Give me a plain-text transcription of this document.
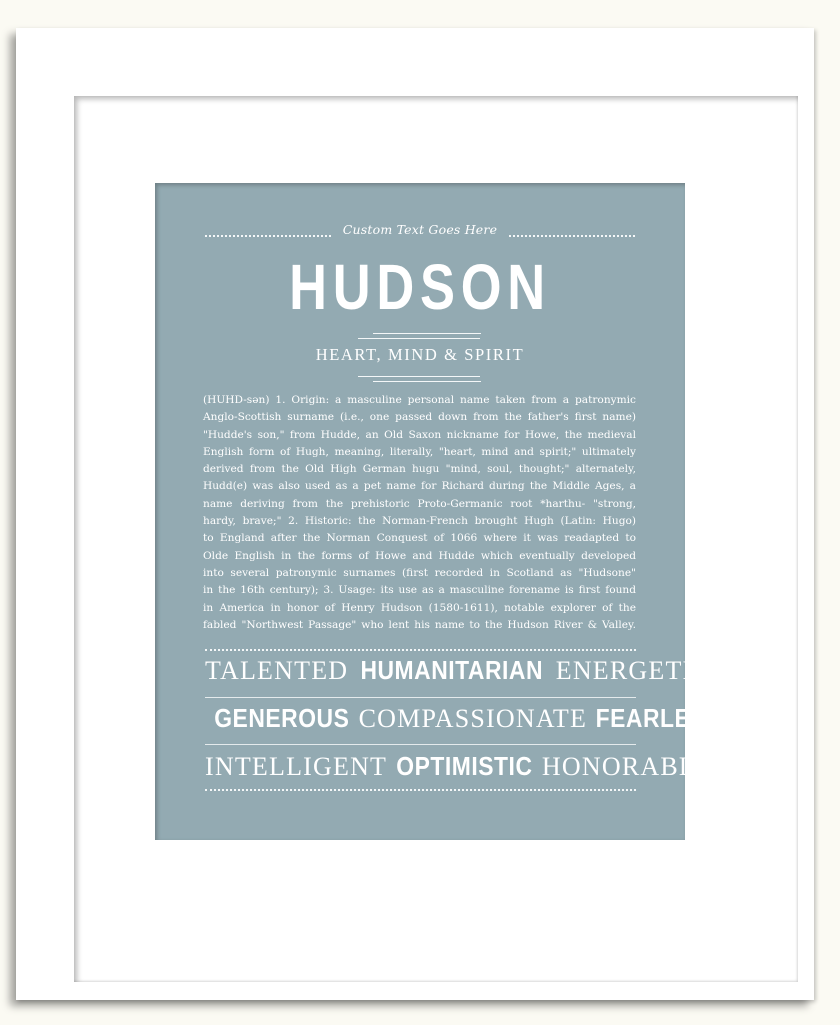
Custom Text Goes Here
HUDSON
HEART, MIND & SPIRIT
(HUHD-sən) 1. Origin: a masculine personal name taken from a patronymic
Anglo-Scottish surname (i.e., one passed down from the father's first name)
"Hudde's son," from Hudde, an Old Saxon nickname for Howe, the medieval
English form of Hugh, meaning, literally, "heart, mind and spirit;" ultimately
derived from the Old High German hugu "mind, soul, thought;" alternately,
Hudd(e) was also used as a pet name for Richard during the Middle Ages, a
name deriving from the prehistoric Proto-Germanic root *harthu- "strong,
hardy, brave;" 2. Historic: the Norman-French brought Hugh (Latin: Hugo)
to England after the Norman Conquest of 1066 where it was readapted to
Olde English in the forms of Howe and Hudde which eventually developed
into several patronymic surnames (first recorded in Scotland as "Hudsone"
in the 16th century); 3. Usage: its use as a masculine forename is first found
in America in honor of Henry Hudson (1580-1611), notable explorer of the
fabled "Northwest Passage" who lent his name to the Hudson River & Valley.
TALENTED HUMANITARIAN ENERGETIC
GENEROUS COMPASSIONATE FEARLESS
INTELLIGENT OPTIMISTIC HONORABLE
